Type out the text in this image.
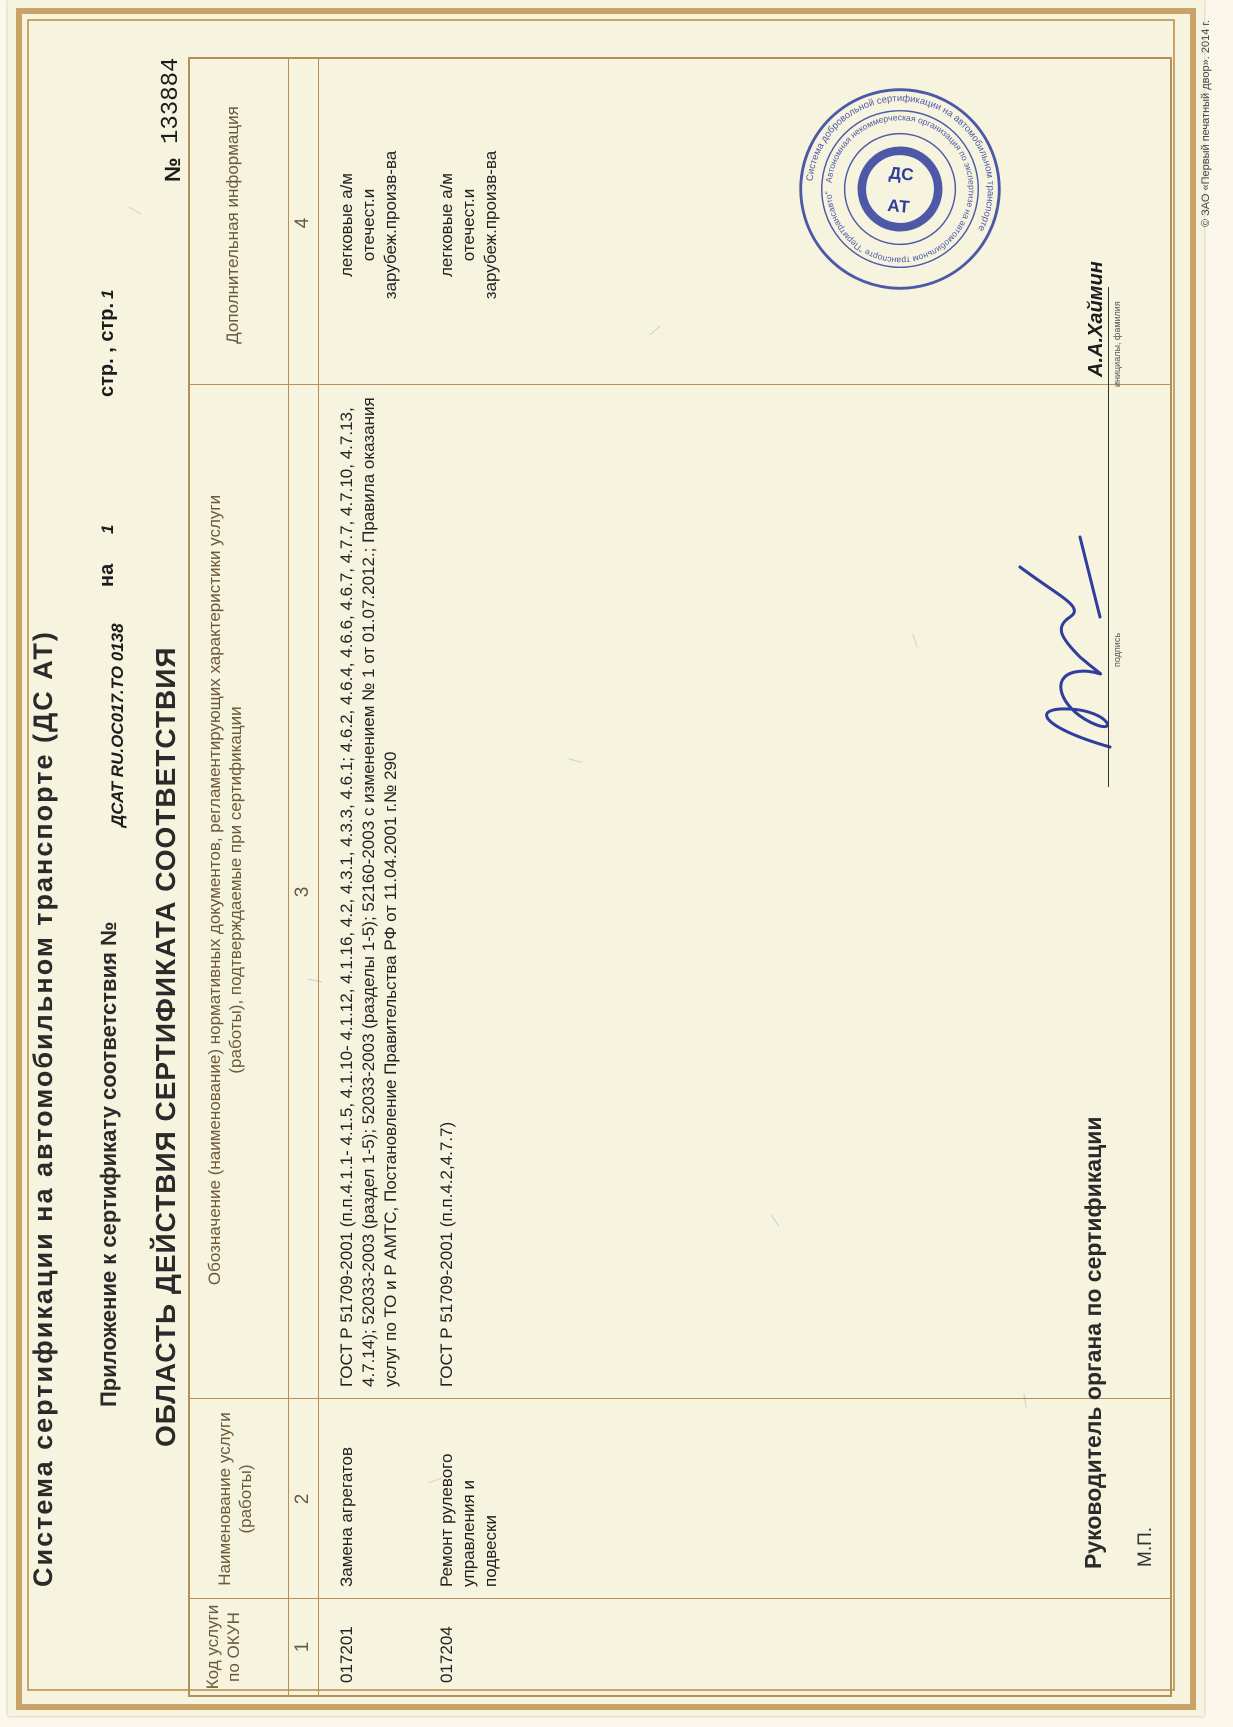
Система сертификации на автомобильном транспорте (ДС АТ) Приложение к сертификату соответствия №
ДСАТ RU.ОС017.ТО 0138
на
1
стр. , стр.
1
ОБЛАСТЬ ДЕЙСТВИЯ СЕРТИФИКАТА СООТВЕТСТВИЯ
№
133884
Код услуги по ОКУН
Наименование услуги (работы)
Обозначение (наименование) нормативных документов, регламентирующих характеристики услуги (работы), подтверждаемые при сертификации
Дополнительная информация
1
2
3
4
017201
Замена агрегатов
ГОСТ Р 51709-2001 (п.п.4.1.1- 4.1.5, 4.1.10- 4.1.12, 4.1.16, 4.2, 4.3.1, 4.3.3, 4.6.1; 4.6.2, 4.6.4, 4.6.6, 4.6.7, 4.7.7, 4.7.10, 4.7.13, 4.7.14); 52033-2003 (раздел 1-5); 52033-2003 (разделы 1-5); 52160-2003 с изменением № 1 от 01.07.2012.; Правила оказания услуг по ТО и Р АМТС, Постановление Правительства РФ от 11.04.2001 г.№ 290
легковые а/м отечест.и зарубеж.произв-ва
017204
Ремонт рулевого управления и подвески
ГОСТ Р 51709-2001 (п.п.4.2,4.7.7)
легковые а/м отечест.и зарубеж.произв-ва	Система добровольной сертификации на автомобильном транспорте
Автономная некоммерческая организация по экспертизе на автомобильном транспорте "Пермтрансавто"
ДС
АТ
Руководитель органа по сертификации
подпись
А.А.Хаймин инициалы, фамилия
М.П.
© ЗАО «Первый печатный двор». 2014 г.
